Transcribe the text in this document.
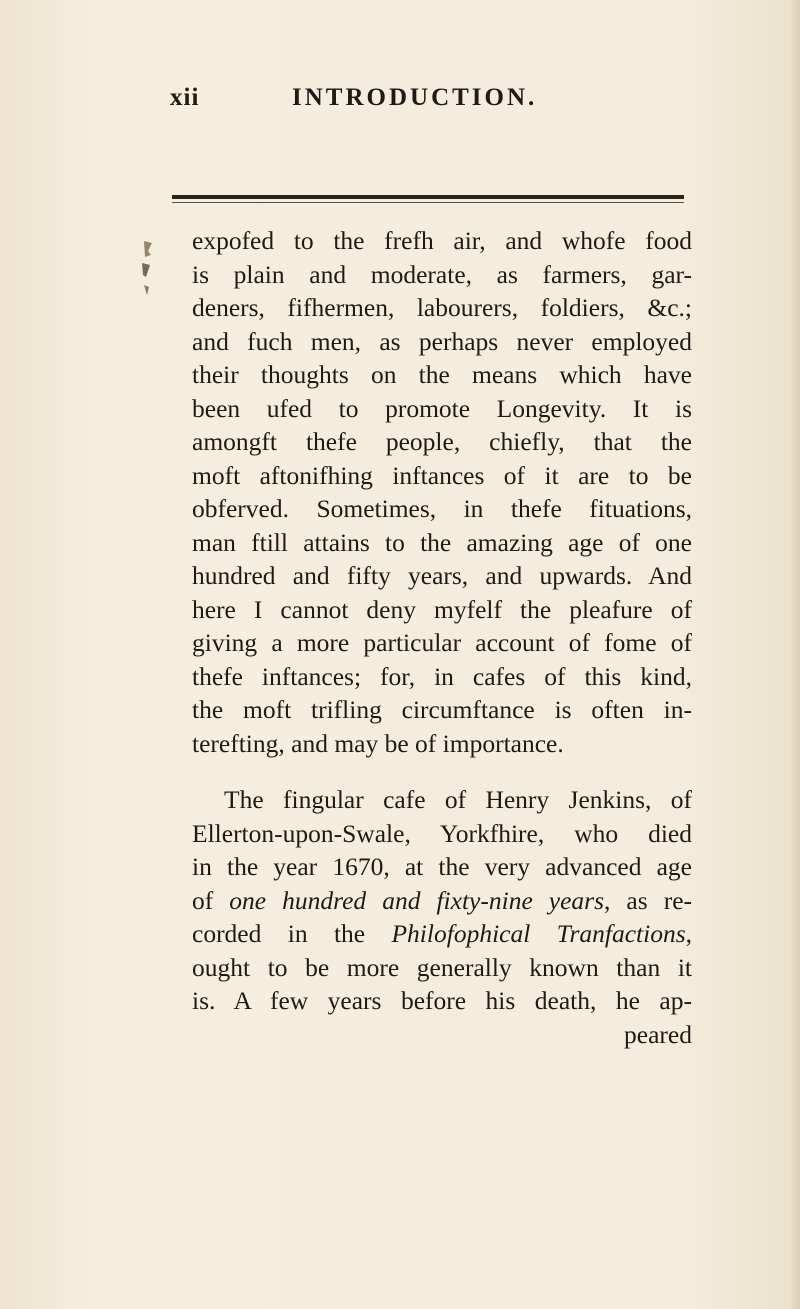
xii	INTRODUCTION.
expofed to the frefh air, and whofe food
is plain and moderate, as farmers, gar-
deners, fifhermen, labourers, foldiers, &c.;
and fuch men, as perhaps never employed
their thoughts on the means which have
been ufed to promote Longevity. It is
amongft thefe people, chiefly, that the
moft aftonifhing inftances of it are to be
obferved. Sometimes, in thefe fituations,
man ftill attains to the amazing age of one
hundred and fifty years, and upwards. And
here I cannot deny myfelf the pleafure of
giving a more particular account of fome of
thefe inftances; for, in cafes of this kind,
the moft trifling circumftance is often in-
terefting, and may be of importance.
The fingular cafe of Henry Jenkins, of
Ellerton-upon-Swale, Yorkfhire, who died
in the year 1670, at the very advanced age
of one hundred and fixty-nine years, as re-
corded in the Philofophical Tranfactions,
ought to be more generally known than it
is. A few years before his death, he ap-
peared
